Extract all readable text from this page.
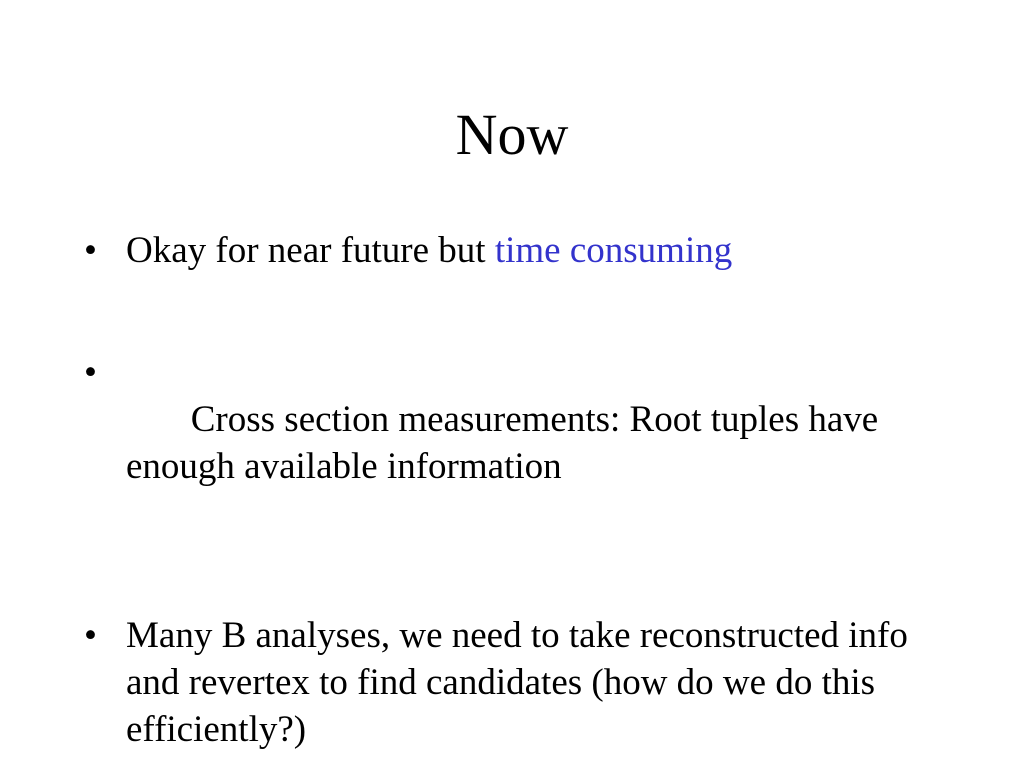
Now
• Okay for near future but time consuming

•
Cross section measurements: Root tuples have enough available information

• Many B analyses, we need to take reconstructed info and revertex to find candidates (how do we do this efficiently?)
